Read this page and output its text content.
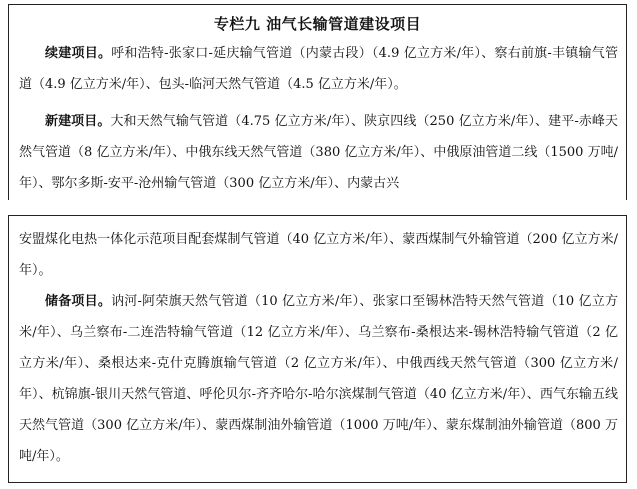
专栏九 油气长输管道建设项目

续建项目。呼和浩特-张家口-延庆输气管道（内蒙古段）（4.9 亿立方米/年）、察右前旗-丰镇输气管道（4.9 亿立方米/年）、包头-临河天然气管道（4.5 亿立方米/年）。

新建项目。大和天然气输气管道（4.75 亿立方米/年）、陕京四线（250 亿立方米/年）、建平-赤峰天然气管道（8 亿立方米/年）、中俄东线天然气管道（380 亿立方米/年）、中俄原油管道二线（1500 万吨/年）、鄂尔多斯-安平-沧州输气管道（300 亿立方米/年）、内蒙古兴

安盟煤化电热一体化示范项目配套煤制气管道（40 亿立方米/年）、蒙西煤制气外输管道（200 亿立方米/年）。

储备项目。讷河-阿荣旗天然气管道（10 亿立方米/年）、张家口至锡林浩特天然气管道（10 亿立方米/年）、乌兰察布-二连浩特输气管道（12 亿立方米/年）、乌兰察布-桑根达来-锡林浩特输气管道（2 亿立方米/年）、桑根达来-克什克腾旗输气管道（2 亿立方米/年）、中俄西线天然气管道（300 亿立方米/年）、杭锦旗-银川天然气管道、呼伦贝尔-齐齐哈尔-哈尔滨煤制气管道（40 亿立方米/年）、西气东输五线天然气管道（300 亿立方米/年）、蒙西煤制油外输管道（1000 万吨/年）、蒙东煤制油外输管道（800 万吨/年）。
